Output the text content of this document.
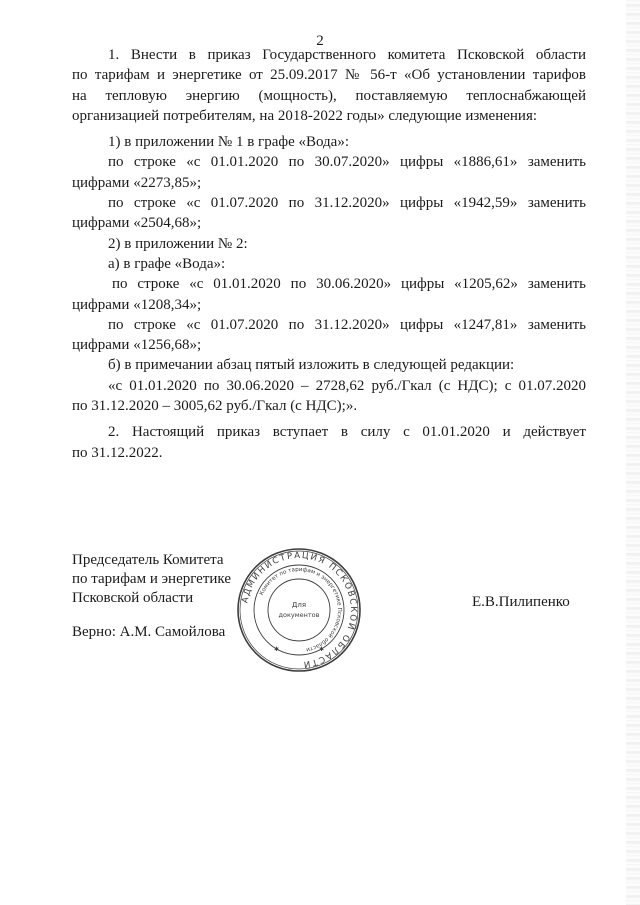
2
1. Внести в приказ Государственного комитета Псковской области
по тарифам и энергетике от 25.09.2017 № 56-т «Об установлении тарифов
на тепловую энергию (мощность), поставляемую теплоснабжающей
организацией потребителям, на 2018-2022 годы» следующие изменения:
1) в приложении № 1 в графе «Вода»:
по строке «с 01.01.2020 по 30.07.2020» цифры «1886,61» заменить
цифрами «2273,85»;
по строке «с 01.07.2020 по 31.12.2020» цифры «1942,59» заменить
цифрами «2504,68»;
2) в приложении № 2:
а) в графе «Вода»:
по строке «с 01.01.2020 по 30.06.2020» цифры «1205,62» заменить
цифрами «1208,34»;
по строке «с 01.07.2020 по 31.12.2020» цифры «1247,81» заменить
цифрами «1256,68»;
б) в примечании абзац пятый изложить в следующей редакции:
«с 01.01.2020 по 30.06.2020 – 2728,62 руб./Гкал (с НДС); с 01.07.2020
по 31.12.2020 – 3005,62 руб./Гкал (с НДС);».
2. Настоящий приказ вступает в силу с 01.01.2020 и действует
по 31.12.2022.
Председатель Комитета
по тарифам и энергетике
Псковской области
Верно: А.М. Самойлова
Е.В.Пилипенко
АДМИНИСТРАЦИЯ ПСКОВСКОЙ ОБЛАСТИ
Комитет по тарифам и энергетике Псковской области
Для
документов
✱	✱
